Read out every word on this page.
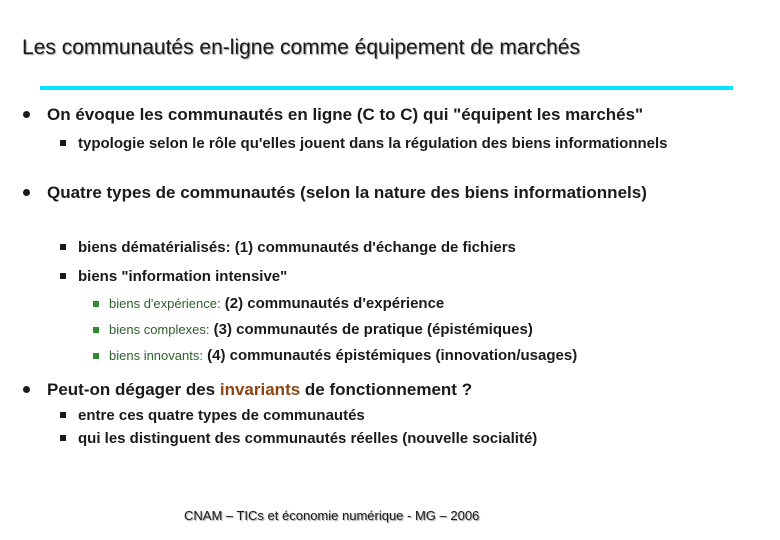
Les communautés en-ligne comme équipement de marchés
On évoque les communautés en ligne (C to C) qui "équipent les marchés"
typologie selon le rôle qu'elles jouent dans la régulation des biens informationnels
Quatre types de communautés (selon la nature des biens informationnels)
biens dématérialisés: (1) communautés d'échange de fichiers
biens "information intensive"
biens d'expérience: (2) communautés d'expérience
biens complexes: (3) communautés de pratique (épistémiques)
biens innovants: (4) communautés épistémiques (innovation/usages)
Peut-on dégager des invariants de fonctionnement ?
entre ces quatre types de communautés
qui les distinguent des communautés réelles (nouvelle socialité)
CNAM – TICs et économie numérique - MG – 2006
